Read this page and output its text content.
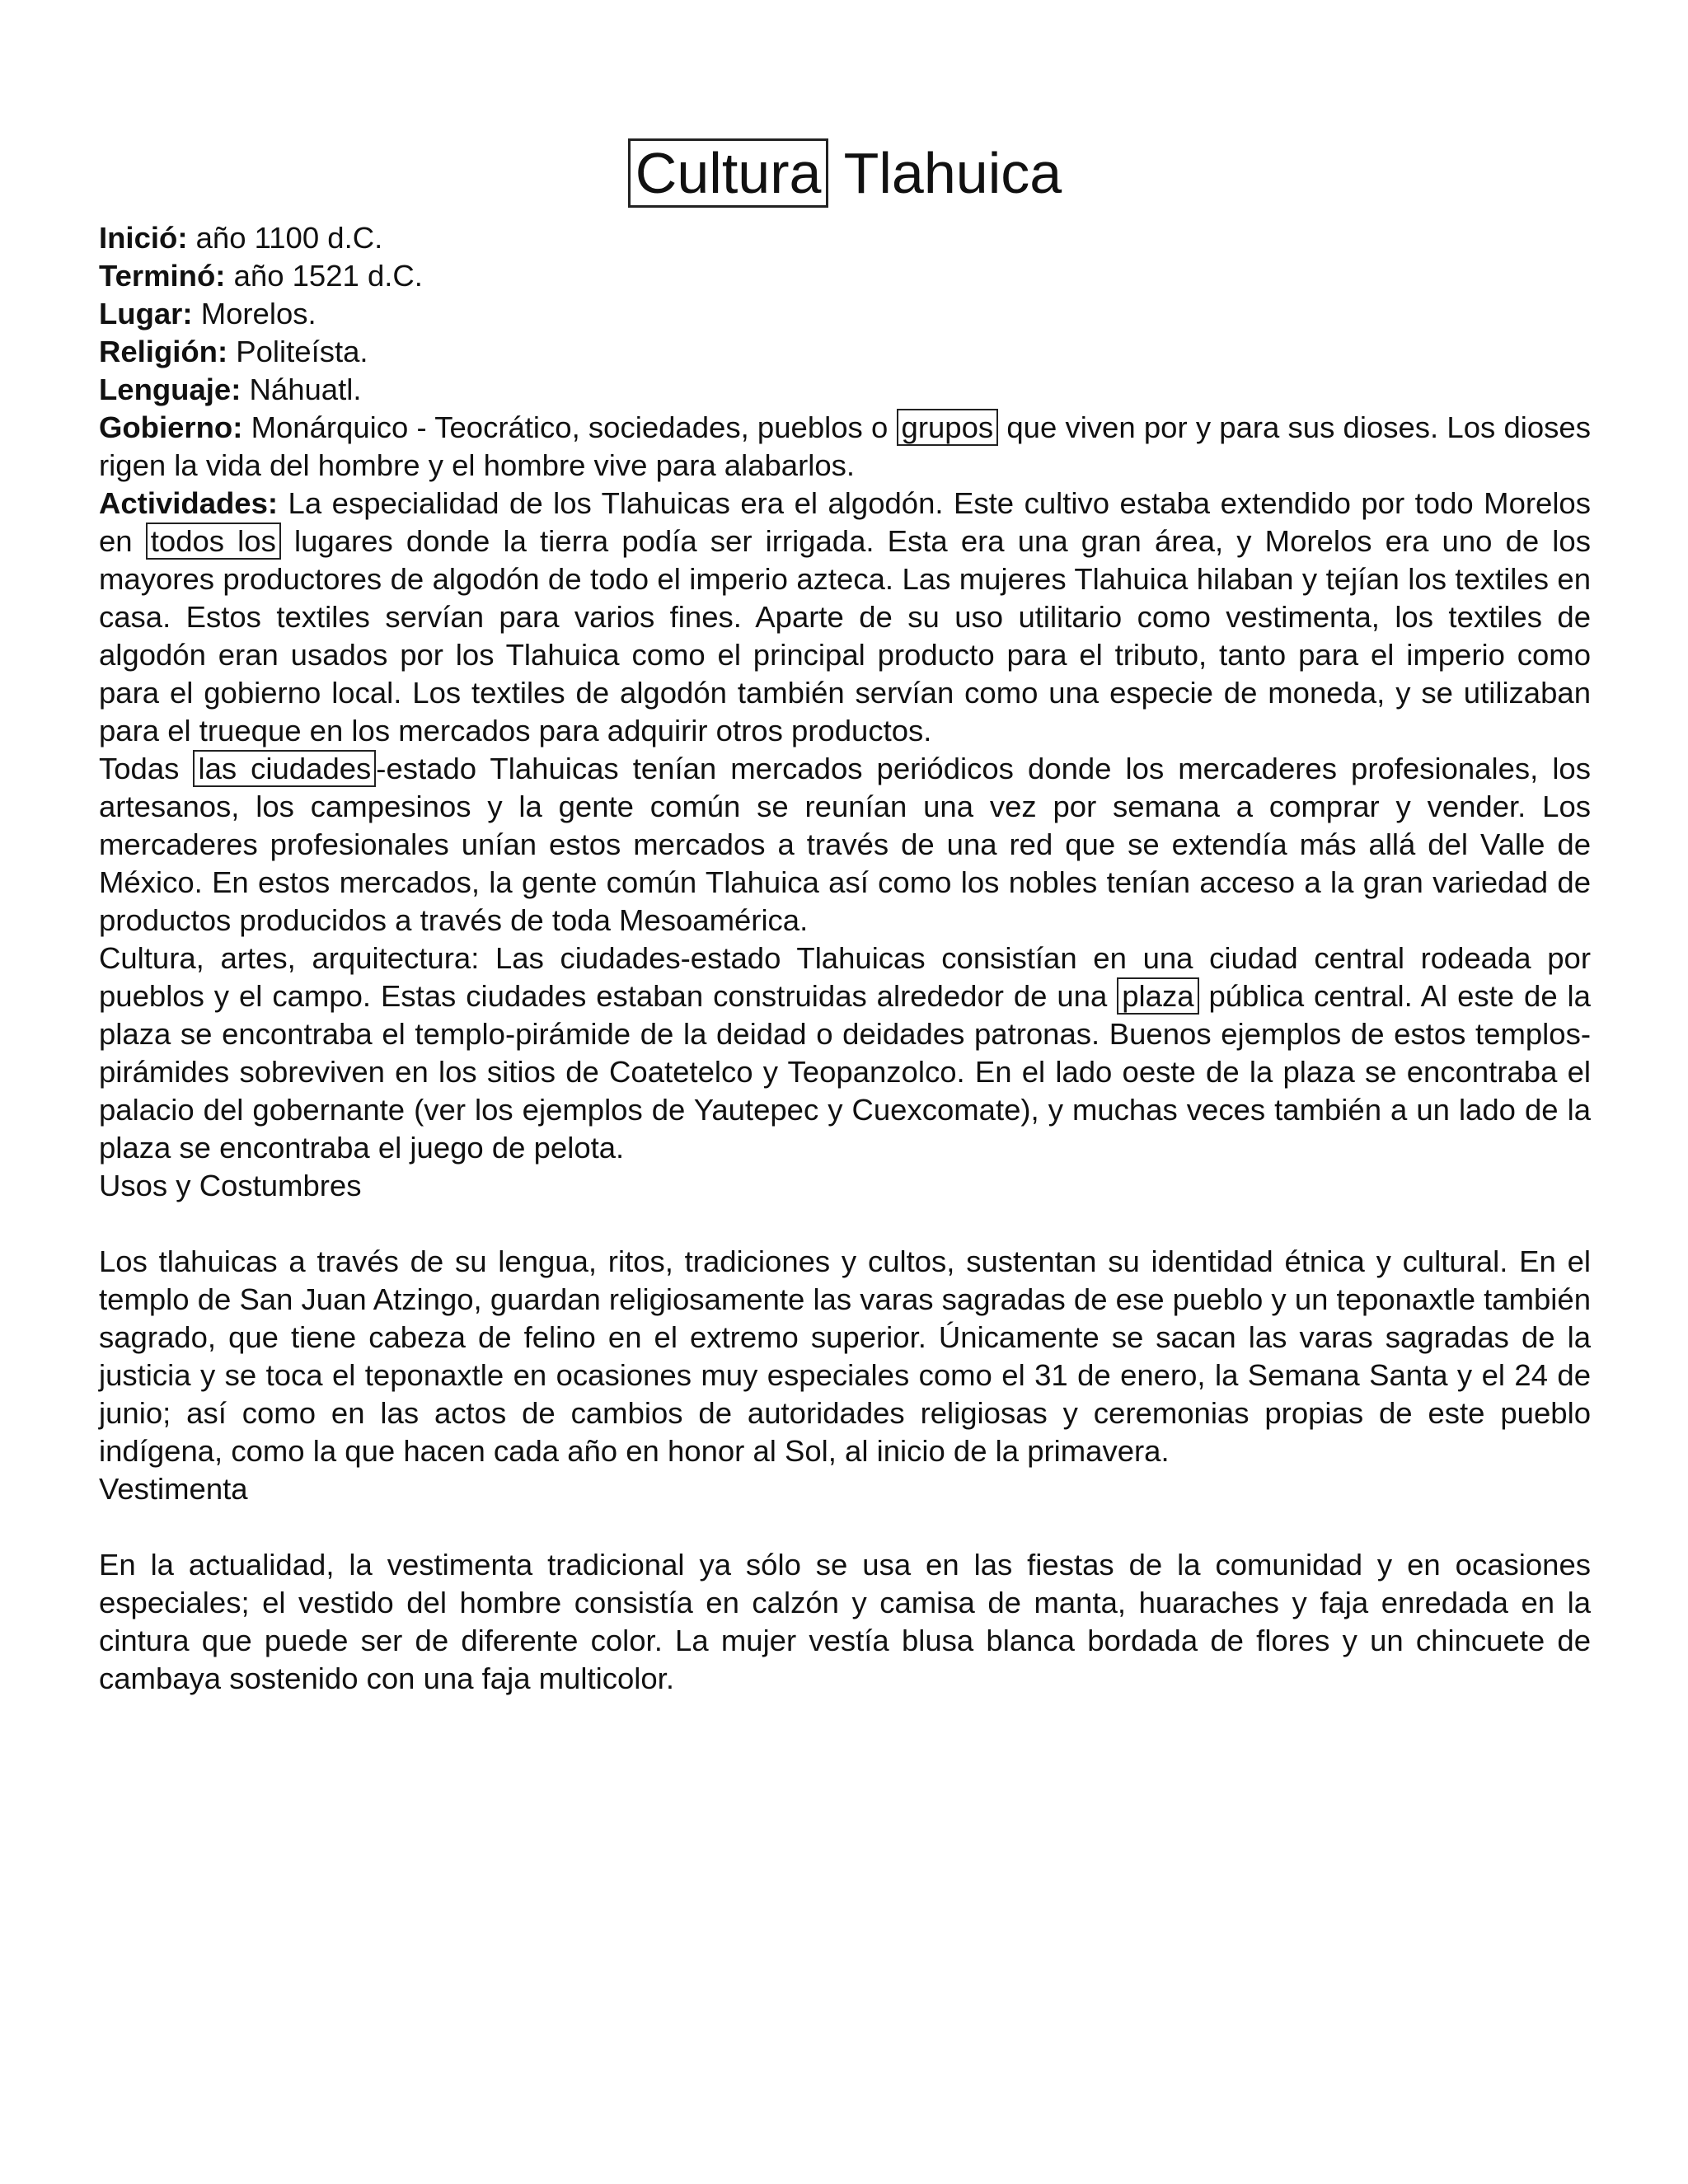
Cultura Tlahuica

Inició: año 1100 d.C.

Terminó: año 1521 d.C.

Lugar: Morelos.

Religión: Politeísta.

Lenguaje: Náhuatl.

Gobierno: Monárquico - Teocrático, sociedades, pueblos o grupos que viven por y para sus dioses. Los dioses rigen la vida del hombre y el hombre vive para alabarlos.

Actividades: La especialidad de los Tlahuicas era el algodón. Este cultivo estaba extendido por todo Morelos en todos los lugares donde la tierra podía ser irrigada. Esta era una gran área, y Morelos era uno de los mayores productores de algodón de todo el imperio azteca. Las mujeres Tlahuica hilaban y tejían los textiles en casa. Estos textiles servían para varios fines. Aparte de su uso utilitario como vestimenta, los textiles de algodón eran usados por los Tlahuica como el principal producto para el tributo, tanto para el imperio como para el gobierno local. Los textiles de algodón también servían como una especie de moneda, y se utilizaban para el trueque en los mercados para adquirir otros productos.

Todas las ciudades -estado Tlahuicas tenían mercados periódicos donde los mercaderes profesionales, los artesanos, los campesinos y la gente común se reunían una vez por semana a comprar y vender. Los mercaderes profesionales unían estos mercados a través de una red que se extendía más allá del Valle de México. En estos mercados, la gente común Tlahuica así como los nobles tenían acceso a la gran variedad de productos producidos a través de toda Mesoamérica.

Cultura, artes, arquitectura: Las ciudades-estado Tlahuicas consistían en una ciudad central rodeada por pueblos y el campo. Estas ciudades estaban construidas alrededor de una plaza pública central. Al este de la plaza se encontraba el templo-pirámide de la deidad o deidades patronas. Buenos ejemplos de estos templos-pirámides sobreviven en los sitios de Coatetelco y Teopanzolco. En el lado oeste de la plaza se encontraba el palacio del gobernante (ver los ejemplos de Yautepec y Cuexcomate), y muchas veces también a un lado de la plaza se encontraba el juego de pelota.

Usos y Costumbres

Los tlahuicas a través de su lengua, ritos, tradiciones y cultos, sustentan su identidad étnica y cultural. En el templo de San Juan Atzingo, guardan religiosamente las varas sagradas de ese pueblo y un teponaxtle también sagrado, que tiene cabeza de felino en el extremo superior. Únicamente se sacan las varas sagradas de la justicia y se toca el teponaxtle en ocasiones muy especiales como el 31 de enero, la Semana Santa y el 24 de junio; así como en las actos de cambios de autoridades religiosas y ceremonias propias de este pueblo indígena, como la que hacen cada año en honor al Sol, al inicio de la primavera.

Vestimenta

En la actualidad, la vestimenta tradicional ya sólo se usa en las fiestas de la comunidad y en ocasiones especiales; el vestido del hombre consistía en calzón y camisa de manta, huaraches y faja enredada en la cintura que puede ser de diferente color. La mujer vestía blusa blanca bordada de flores y un chincuete de cambaya sostenido con una faja multicolor.
